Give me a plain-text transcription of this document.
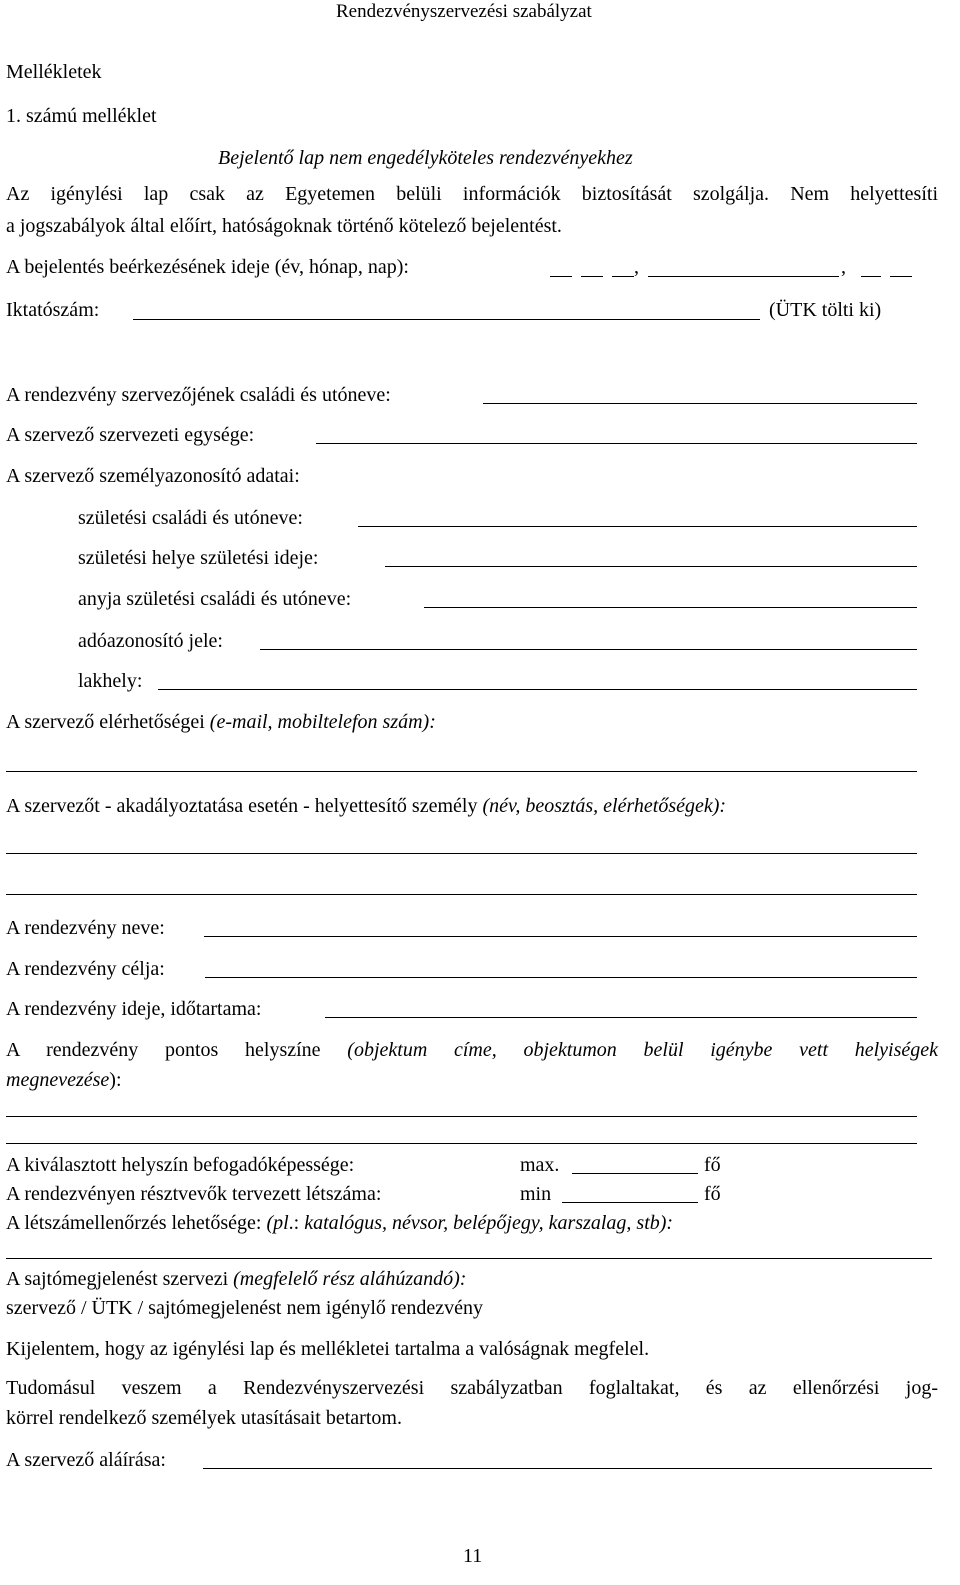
Rendezvényszervezési szabályzat
Mellékletek
1. számú melléklet
Bejelentő lap nem engedélyköteles rendezvényekhez
Az igénylési lap csak az Egyetemen belüli információk biztosítását szolgálja. Nem helyettesíti
a jogszabályok által előírt, hatóságoknak történő kötelező bejelentést.
A bejelentés beérkezésének ideje (év, hónap, nap):	,	,
Iktatószám:	(ÜTK tölti ki)
A rendezvény szervezőjének családi és utóneve:
A szervező szervezeti egysége:
A szervező személyazonosító adatai:
születési családi és utóneve:
születési helye születési ideje:
anyja születési családi és utóneve:
adóazonosító jele:
lakhely:
A szervező elérhetőségei (e-mail, mobiltelefon szám):
A szervezőt - akadályoztatása esetén - helyettesítő személy (név, beosztás, elérhetőségek):
A rendezvény neve:
A rendezvény célja:
A rendezvény ideje, időtartama:
A rendezvény pontos helyszíne (objektum címe, objektumon belül igénybe vett helyiségek
megnevezése):
A kiválasztott helyszín befogadóképessége:	max.	fő
A rendezvényen résztvevők tervezett létszáma:	min	fő
A létszámellenőrzés lehetősége: (pl.: katalógus, névsor, belépőjegy, karszalag, stb):
A sajtómegjelenést szervezi (megfelelő rész aláhúzandó):
szervező / ÜTK / sajtómegjelenést nem igénylő rendezvény
Kijelentem, hogy az igénylési lap és mellékletei tartalma a valóságnak megfelel.
Tudomásul veszem a Rendezvényszervezési szabályzatban foglaltakat, és az ellenőrzési jog-
körrel rendelkező személyek utasításait betartom.
A szervező aláírása:
11
